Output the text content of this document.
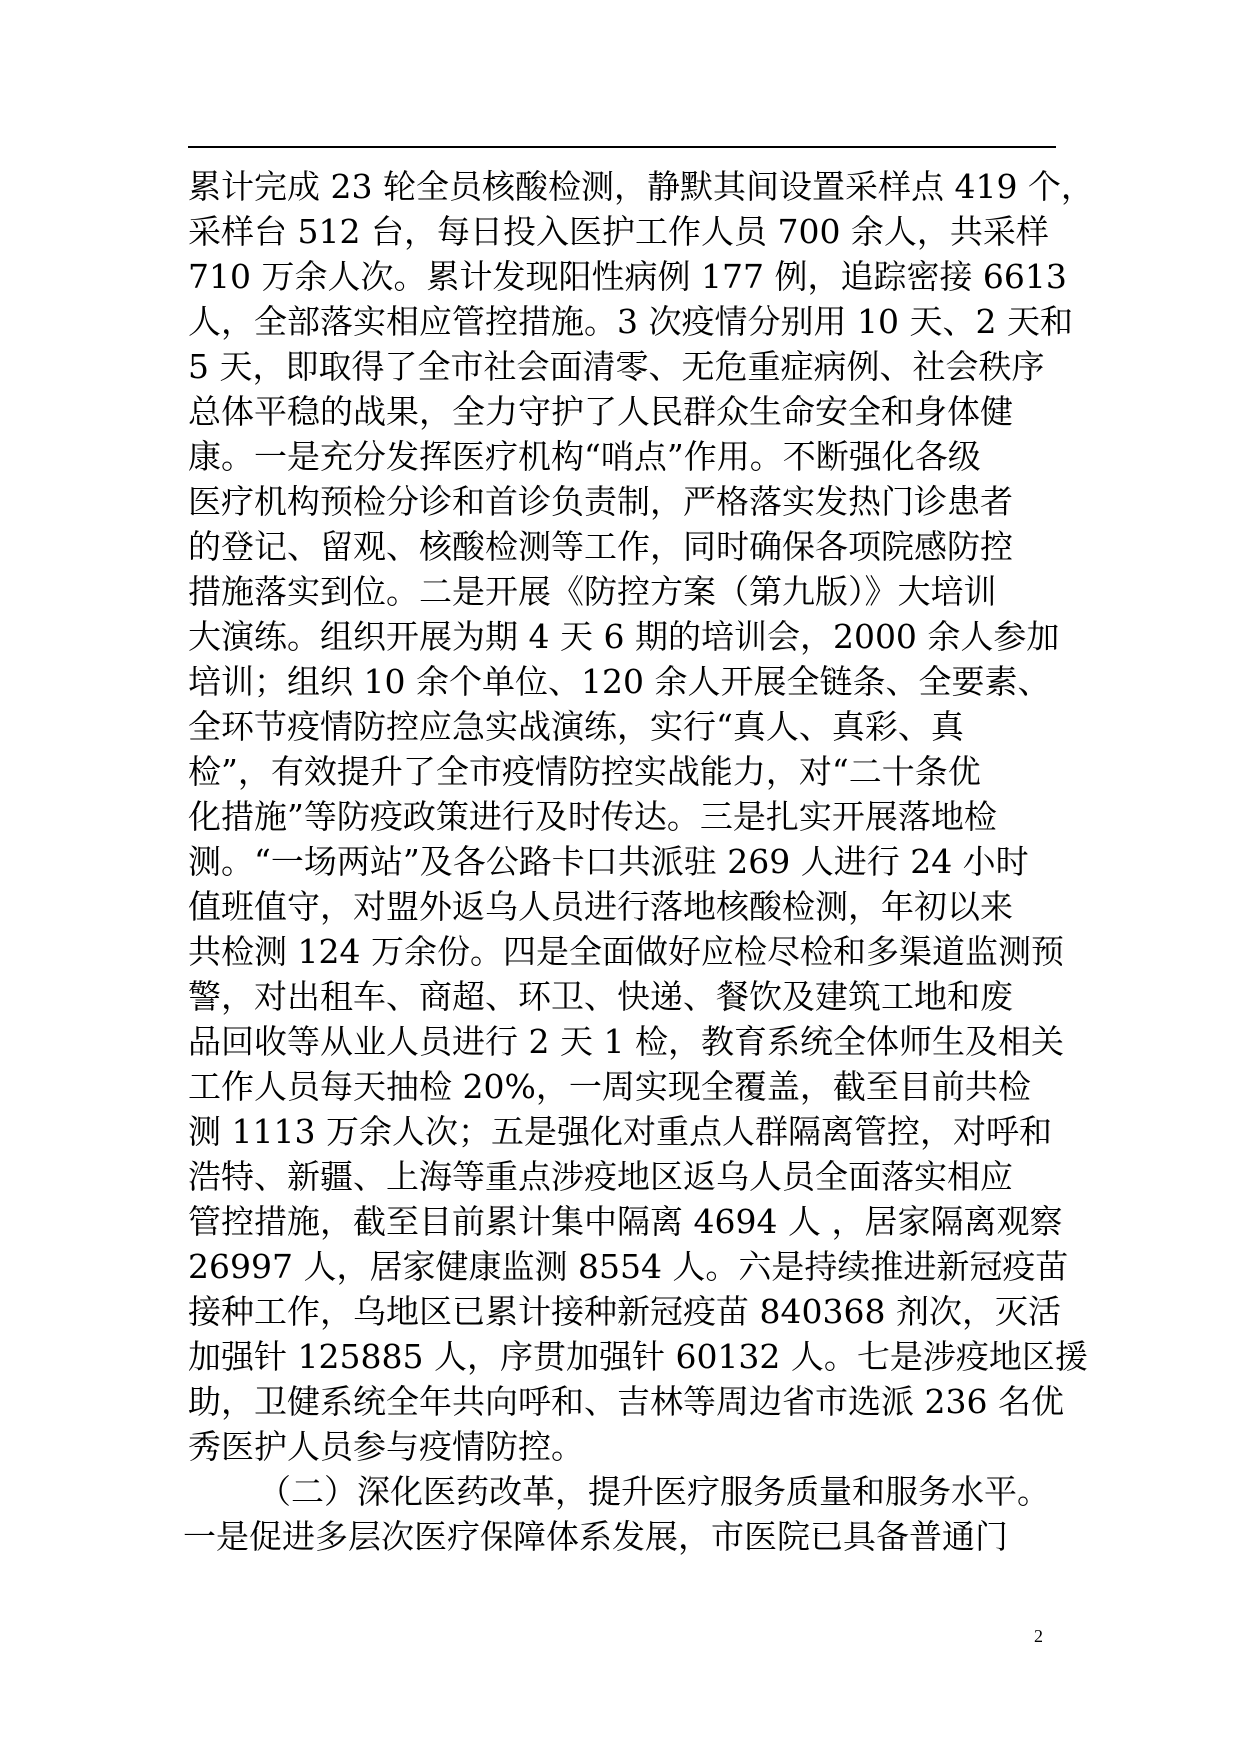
累计完成 23 轮全员核酸检测，静默其间设置采样点 419 个，
采样台 512 台，每日投入医护工作人员 700 余人，共采样
710 万余人次。累计发现阳性病例 177 例，追踪密接 6613
人，全部落实相应管控措施。3 次疫情分别用 10 天、2 天和
5 天，即取得了全市社会面清零、无危重症病例、社会秩序
总体平稳的战果，全力守护了人民群众生命安全和身体健
康。一是充分发挥医疗机构“哨点”作用。不断强化各级
医疗机构预检分诊和首诊负责制，严格落实发热门诊患者
的登记、留观、核酸检测等工作，同时确保各项院感防控
措施落实到位。二是开展《防控方案（第九版）》大培训
大演练。组织开展为期 4 天 6 期的培训会，2000 余人参加
培训；组织 10 余个单位、120 余人开展全链条、全要素、
全环节疫情防控应急实战演练，实行“真人、真彩、真
检”，有效提升了全市疫情防控实战能力，对“二十条优
化措施”等防疫政策进行及时传达。三是扎实开展落地检
测。“一场两站”及各公路卡口共派驻 269 人进行 24 小时
值班值守，对盟外返乌人员进行落地核酸检测，年初以来
共检测 124 万余份。四是全面做好应检尽检和多渠道监测预
警，对出租车、商超、环卫、快递、餐饮及建筑工地和废
品回收等从业人员进行 2 天 1 检，教育系统全体师生及相关
工作人员每天抽检 20%，一周实现全覆盖，截至目前共检
测 1113 万余人次；五是强化对重点人群隔离管控，对呼和
浩特、新疆、上海等重点涉疫地区返乌人员全面落实相应
管控措施，截至目前累计集中隔离 4694 人 ，居家隔离观察
26997 人，居家健康监测 8554 人。六是持续推进新冠疫苗
接种工作，乌地区已累计接种新冠疫苗 840368 剂次，灭活
加强针 125885 人，序贯加强针 60132 人。七是涉疫地区援
助，卫健系统全年共向呼和、吉林等周边省市选派 236 名优
秀医护人员参与疫情防控。
（二）深化医药改革，提升医疗服务质量和服务水平。
一是促进多层次医疗保障体系发展，市医院已具备普通门
2
